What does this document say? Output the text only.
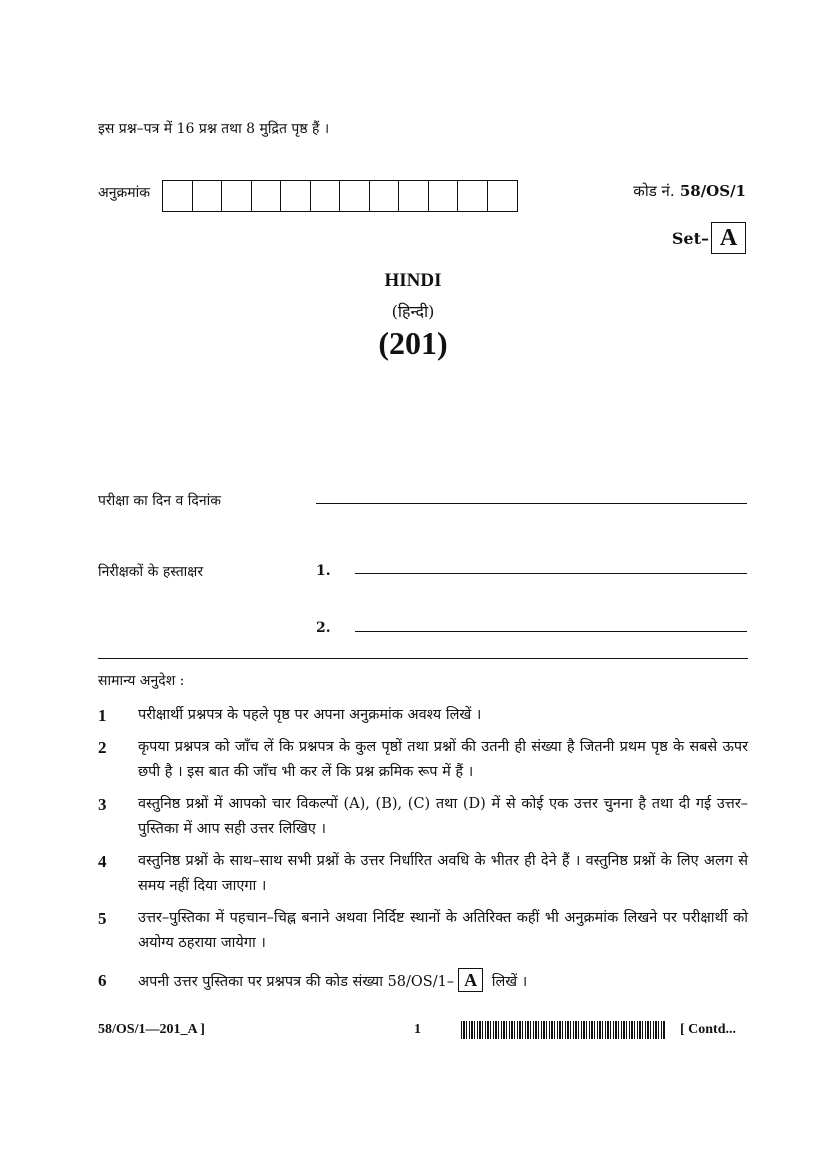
इस प्रश्न–पत्र में 16 प्रश्न तथा 8 मुद्रित पृष्ठ हैं ।
अनुक्रमांक	कोड नं. 58/OS/1
Set– A
HINDI
(हिन्दी)
(201)
परीक्षा का दिन व दिनांक
निरीक्षकों के हस्ताक्षर	1.
2.
सामान्य अनुदेश :
1 परीक्षार्थी प्रश्नपत्र के पहले पृष्ठ पर अपना अनुक्रमांक अवश्य लिखें ।
2 कृपया प्रश्नपत्र को जाँच लें कि प्रश्नपत्र के कुल पृष्ठों तथा प्रश्नों की उतनी ही संख्या है जितनी प्रथम पृष्ठ के सबसे ऊपर छपी है । इस बात की जाँच भी कर लें कि प्रश्न क्रमिक रूप में हैं ।
3 वस्तुनिष्ठ प्रश्नों में आपको चार विकल्पों (A), (B), (C) तथा (D) में से कोई एक उत्तर चुनना है तथा दी गई उत्तर–पुस्तिका में आप सही उत्तर लिखिए ।
4 वस्तुनिष्ठ प्रश्नों के साथ–साथ सभी प्रश्नों के उत्तर निर्धारित अवधि के भीतर ही देने हैं । वस्तुनिष्ठ प्रश्नों के लिए अलग से समय नहीं दिया जाएगा ।
5 उत्तर–पुस्तिका में पहचान–चिह्न बनाने अथवा निर्दिष्ट स्थानों के अतिरिक्त कहीं भी अनुक्रमांक लिखने पर परीक्षार्थी को अयोग्य ठहराया जायेगा ।
6 अपनी उत्तर पुस्तिका पर प्रश्नपत्र की कोड संख्या 58/OS/1– A लिखें ।
58/OS/1—201_A ]	1	[ Contd...
